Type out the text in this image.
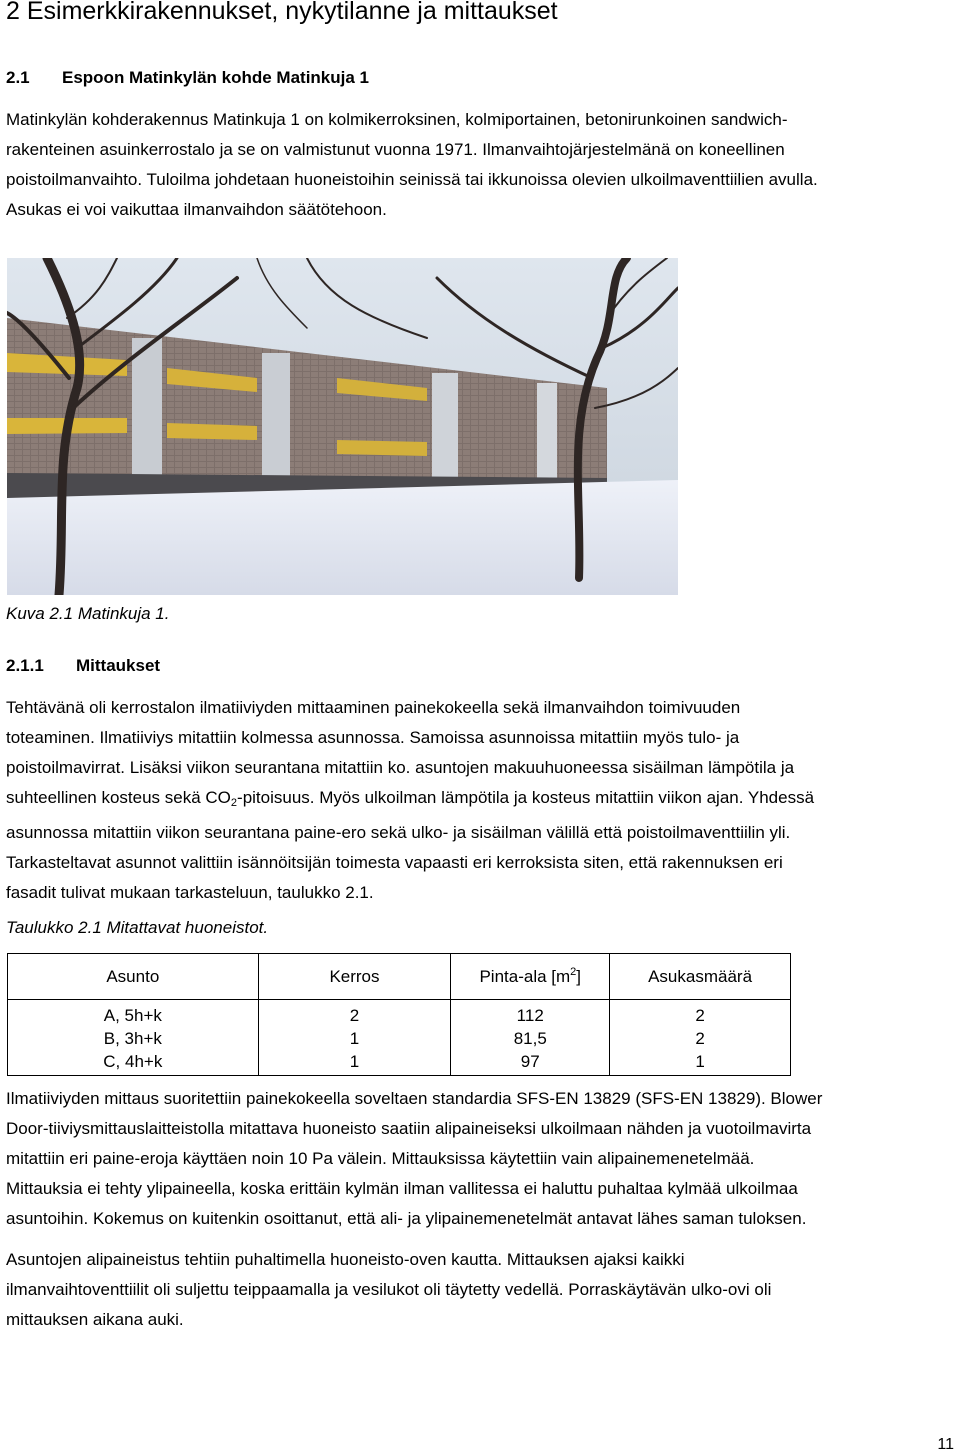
2 Esimerkkirakennukset, nykytilanne ja mittaukset
2.1 Espoon Matinkylän kohde Matinkuja 1
Matinkylän kohderakennus Matinkuja 1 on kolmikerroksinen, kolmiportainen, betonirunkoinen sandwich-
rakenteinen asuinkerrostalo ja se on valmistunut vuonna 1971. Ilmanvaihtojärjestelmänä on koneellinen
poistoilmanvaihto. Tuloilma johdetaan huoneistoihin seinissä tai ikkunoissa olevien ulkoilmaventtiilien avulla.
Asukas ei voi vaikuttaa ilmanvaihdon säätötehoon.
Kuva 2.1 Matinkuja 1.
2.1.1 Mittaukset
Tehtävänä oli kerrostalon ilmatiiviyden mittaaminen painekokeella sekä ilmanvaihdon toimivuuden
toteaminen. Ilmatiiviys mitattiin kolmessa asunnossa. Samoissa asunnoissa mitattiin myös tulo- ja
poistoilmavirrat. Lisäksi viikon seurantana mitattiin ko. asuntojen makuuhuoneessa sisäilman lämpötila ja
suhteellinen kosteus sekä $CO_2$-pitoisuus. Myös ulkoilman lämpötila ja kosteus mitattiin viikon ajan. Yhdessä
asunnossa mitattiin viikon seurantana paine-ero sekä ulko- ja sisäilman välillä että poistoilmaventtiilin yli.
Tarkasteltavat asunnot valittiin isännöitsijän toimesta vapaasti eri kerroksista siten, että rakennuksen eri
fasadit tulivat mukaan tarkasteluun, taulukko 2.1.
Taulukko 2.1 Mitattavat huoneistot.
Asunto	Kerros	Pinta-ala $[m^2]$	Asukasmäärä
A, 5h+k	2	112	2
B, 3h+k	1	81,5	2
C, 4h+k	1	97	1
Ilmatiiviyden mittaus suoritettiin painekokeella soveltaen standardia SFS-EN 13829 (SFS-EN 13829). Blower
Door-tiiviysmittauslaitteistolla mitattava huoneisto saatiin alipaineiseksi ulkoilmaan nähden ja vuotoilmavirta
mitattiin eri paine-eroja käyttäen noin 10 Pa välein. Mittauksissa käytettiin vain alipainemenetelmää.
Mittauksia ei tehty ylipaineella, koska erittäin kylmän ilman vallitessa ei haluttu puhaltaa kylmää ulkoilmaa
asuntoihin. Kokemus on kuitenkin osoittanut, että ali- ja ylipainemenetelmät antavat lähes saman tuloksen.
Asuntojen alipaineistus tehtiin puhaltimella huoneisto-oven kautta. Mittauksen ajaksi kaikki
ilmanvaihtoventtiilit oli suljettu teippaamalla ja vesilukot oli täytetty vedellä. Porraskäytävän ulko-ovi oli
mittauksen aikana auki.
11
